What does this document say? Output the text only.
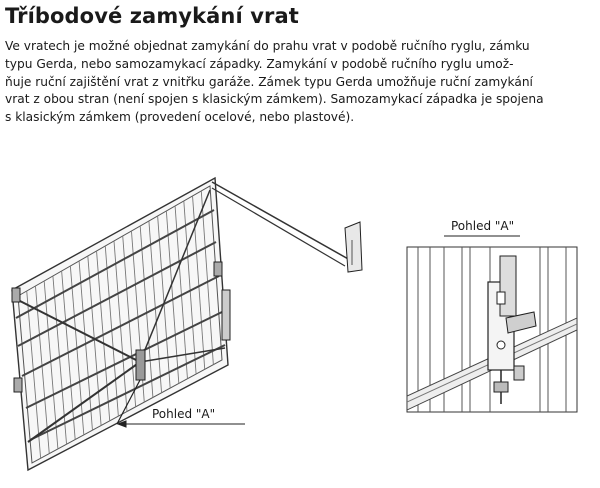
Tříbodové zamykání vrat
Ve vratech je možné objednat zamykání do prahu vrat v podobě ručního ryglu, zámku
typu Gerda, nebo samozamykací západky. Zamykání v podobě ručního ryglu umož-
ňuje ruční zajištění vrat z vnitřku garáže. Zámek typu Gerda umožňuje ruční zamykání
vrat z obou stran (není spojen s klasickým zámkem). Samozamykací západka je spojena
s klasickým zámkem (provedení ocelové, nebo plastové).
Pohled "A"
Pohled "A"
